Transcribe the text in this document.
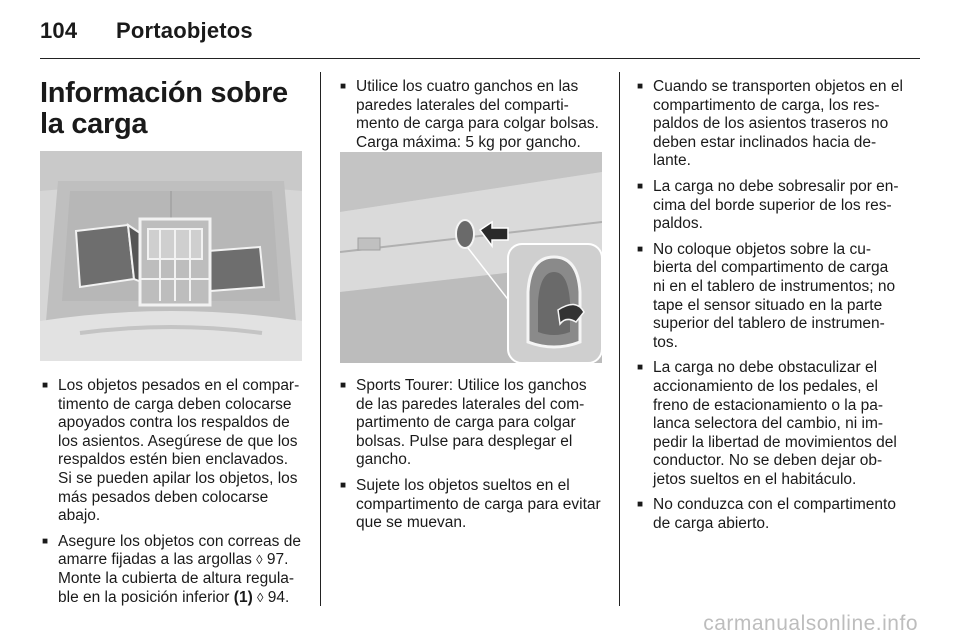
104 Portaobjetos
Información sobre la carga
■ Los objetos pesados en el compartimento de carga deben colocarse apoyados contra los respaldos de los asientos. Asegúrese de que los respaldos estén bien enclavados. Si se pueden apilar los objetos, los más pesados deben colocarse abajo.
■ Asegure los objetos con correas de amarre fijadas a las argollas ◊ 97. Monte la cubierta de altura regulable en la posición inferior (1) ◊ 94.
■ Utilice los cuatro ganchos en las paredes laterales del compartimento de carga para colgar bolsas. Carga máxima: 5 kg por gancho.
■ Sports Tourer: Utilice los ganchos de las paredes laterales del compartimento de carga para colgar bolsas. Pulse para desplegar el gancho.
■ Sujete los objetos sueltos en el compartimento de carga para evitar que se muevan.
■ Cuando se transporten objetos en el compartimento de carga, los respaldos de los asientos traseros no deben estar inclinados hacia delante.
■ La carga no debe sobresalir por encima del borde superior de los respaldos.
■ No coloque objetos sobre la cubierta del compartimento de carga ni en el tablero de instrumentos; no tape el sensor situado en la parte superior del tablero de instrumentos.
■ La carga no debe obstaculizar el accionamiento de los pedales, el freno de estacionamiento o la palanca selectora del cambio, ni impedir la libertad de movimientos del conductor. No se deben dejar objetos sueltos en el habitáculo.
■ No conduzca con el compartimento de carga abierto.
carmanualsonline.info
